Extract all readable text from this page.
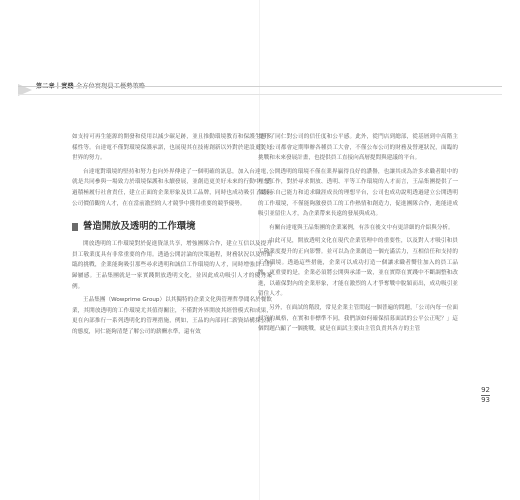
如支持可再生能源的開發和使用以減少碳足跡，並且推動環境教育和保護生態多樣性等。台達電不僅對環境保護承諾，也展現其在技術創新以外對於建設更美好世界的努力。

台達電對環境的堅持和努力也向外界傳達了一個明確的訊息，加入台達電，就是共同參與一場致力於環境保護和永續發展，並創造更美好未來的行動中。透過積極履行社會責任，建立正面的企業形象及員工品牌，同時也成功吸引了認同公司價值觀的人才，在在當前激烈的人才競爭中獲得重要的競爭優勢。

營造開放及透明的工作環境

開放透明的工作環境對於促進資訊共享，增強團隊合作，建立互信以及提升員工敬業度具有非常重要的作用。透過公開討論的決策過程，財務狀況以及所面臨的挑戰，企業能夠吸引那些尋求透明和誠信工作環境的人才，同時增強員工的歸屬感。王品集團就是一家實踐開放透明文化，並因此成功吸引人才的優秀案例。

王品集團（Wowprime Group）以其獨特的企業文化與管理哲學聞名於餐飲業，其開放透明的工作環境尤其值得關注，不僅對外界開放其經營模式和成果，更在內部推行一系列透明化的管理措施，例如，王品的內部同仁薪資結構採公開的態度，同仁能夠清楚了解公司的薪酬水準，還有效

提升了同仁對公司的信任度和公平感。此外，從門店到總部，從基層到中高階主管，公司都會定期舉辦各種員工大會，不僅公布公司的財務及營運狀況，面臨的挑戰和未來發展計畫，也提供員工直接向高層提問與建議的平台。

公開透明的環境不僅在業界贏得良好的讚譽，也讓其成為許多求職者眼中的理想工作，對於尋求開放、透明、平等工作環境的人才而言，王品集團提供了一個展示自己能力和追求職涯成長的理想平台，公司也成功說明透過建立公開透明的工作環境，不僅能夠激發員工的工作熱情和創造力，促進團隊合作，進能達成吸引並留住人才，為企業帶來長遠的發展與成功。

有關台達電與王品集團的企業案例，有涉在後文中有更詳細的介紹與分析。

由此可見，開放透明文化在現代企業管理中的重要性，以及對人才吸引和員工敬業度提升的正向影響。並可以為企業創造一個充滿活力，互相信任和支持的工作環境。透過這些措施，企業可以成功打造一個讓求職者嚮往加入的員工品牌，更重要的是，企業必須將公開與承諾一致，並在實際在實踐中不斷調整和改進，以確保對內的企業形象，才能在激烈的人才爭奪戰中脫穎而出，成功吸引並留住人才。

另外，在面試的階段，常見企業主管問起一個普遍的問題，「公司內每一位面試官的風格，在實和非標準不同，我們該如何確保招募面試的公平公正呢？」這個問題凸顯了一個挑戰，就是在面試主要由主管負責其各方的主管

92
93
